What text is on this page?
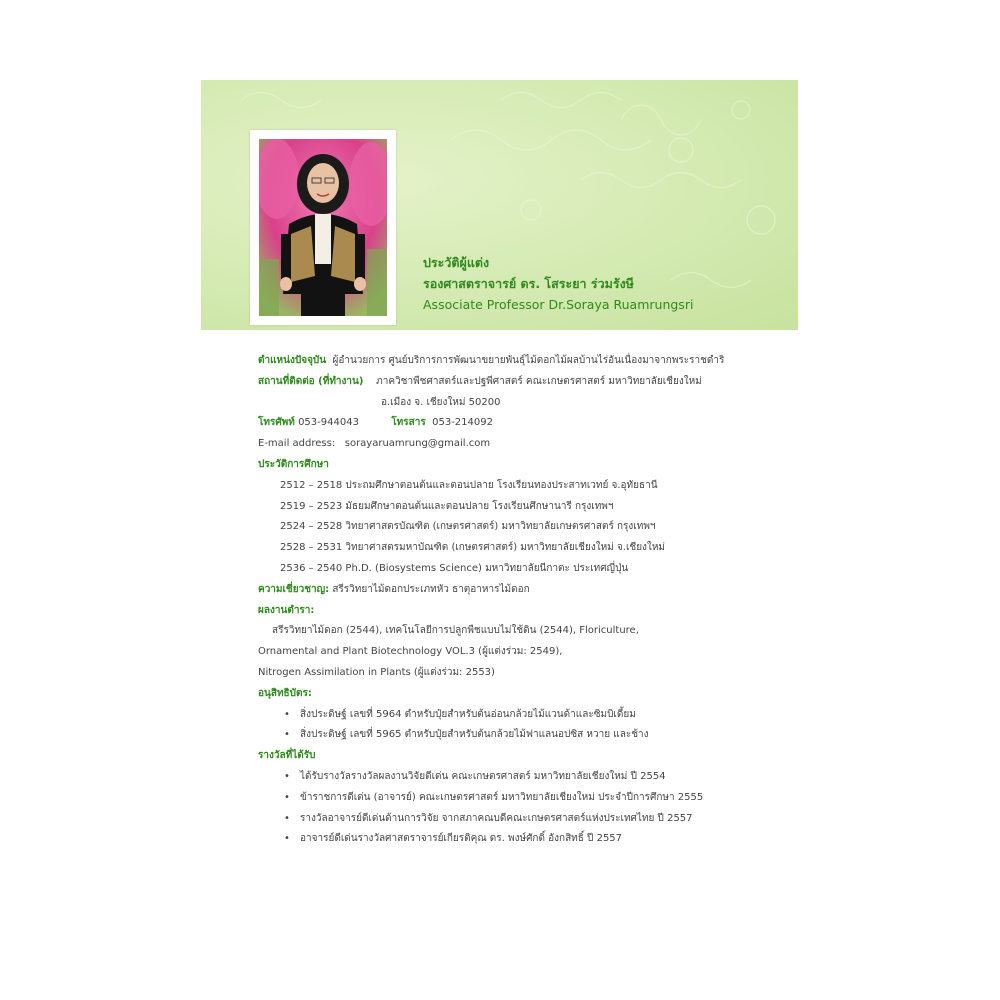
ประวัติผู้แต่ง
รองศาสตราจารย์ ดร. โสระยา ร่วมรังษี
Associate Professor Dr.Soraya Ruamrungsri
ตำแหน่งปัจจุบัน ผู้อำนวยการ ศูนย์บริการการพัฒนาขยายพันธุ์ไม้ดอกไม้ผลบ้านไร่อันเนื่องมาจากพระราชดำริ
สถานที่ติดต่อ (ที่ทำงาน) ภาควิชาพืชศาสตร์และปฐพีศาสตร์ คณะเกษตรศาสตร์ มหาวิทยาลัยเชียงใหม่
อ.เมือง จ. เชียงใหม่ 50200
โทรศัพท์ 053-944043	โทรสาร 053-214092
E-mail address: sorayaruamrung@gmail.com
ประวัติการศึกษา
2512 – 2518 ประถมศึกษาตอนต้นและตอนปลาย โรงเรียนทองประสาทเวทย์ จ.อุทัยธานี
2519 – 2523 มัธยมศึกษาตอนต้นและตอนปลาย โรงเรียนศึกษานารี กรุงเทพฯ
2524 – 2528 วิทยาศาสตรบัณฑิต (เกษตรศาสตร์) มหาวิทยาลัยเกษตรศาสตร์ กรุงเทพฯ
2528 – 2531 วิทยาศาสตรมหาบัณฑิต (เกษตรศาสตร์) มหาวิทยาลัยเชียงใหม่ จ.เชียงใหม่
2536 – 2540 Ph.D. (Biosystems Science) มหาวิทยาลัยนีกาตะ ประเทศญี่ปุ่น
ความเชี่ยวชาญ: สรีรวิทยาไม้ดอกประเภทหัว ธาตุอาหารไม้ดอก
ผลงานตำรา:
สรีรวิทยาไม้ดอก (2544), เทคโนโลยีการปลูกพืชแบบไม่ใช้ดิน (2544), Floriculture,
Ornamental and Plant Biotechnology VOL.3 (ผู้แต่งร่วม: 2549),
Nitrogen Assimilation in Plants (ผู้แต่งร่วม: 2553)
อนุสิทธิบัตร:
• สิ่งประดิษฐ์ เลขที่ 5964 ตำหรับปุ๋ยสำหรับต้นอ่อนกล้วยไม้แวนด้าและซิมบิเดี้ยม
• สิ่งประดิษฐ์ เลขที่ 5965 ตำหรับปุ๋ยสำหรับต้นกล้วยไม้ฟาแลนอปซิส หวาย และช้าง
รางวัลที่ได้รับ
• ได้รับรางวัลรางวัลผลงานวิจัยดีเด่น คณะเกษตรศาสตร์ มหาวิทยาลัยเชียงใหม่ ปี 2554
• ข้าราชการดีเด่น (อาจารย์) คณะเกษตรศาสตร์ มหาวิทยาลัยเชียงใหม่ ประจำปีการศึกษา 2555
• รางวัลอาจารย์ดีเด่นด้านการวิจัย จากสภาคณบดีคณะเกษตรศาสตร์แห่งประเทศไทย ปี 2557
• อาจารย์ดีเด่นรางวัลศาสตราจารย์เกียรติคุณ ดร. พงษ์ศักดิ์ อังกสิทธิ์ ปี 2557
